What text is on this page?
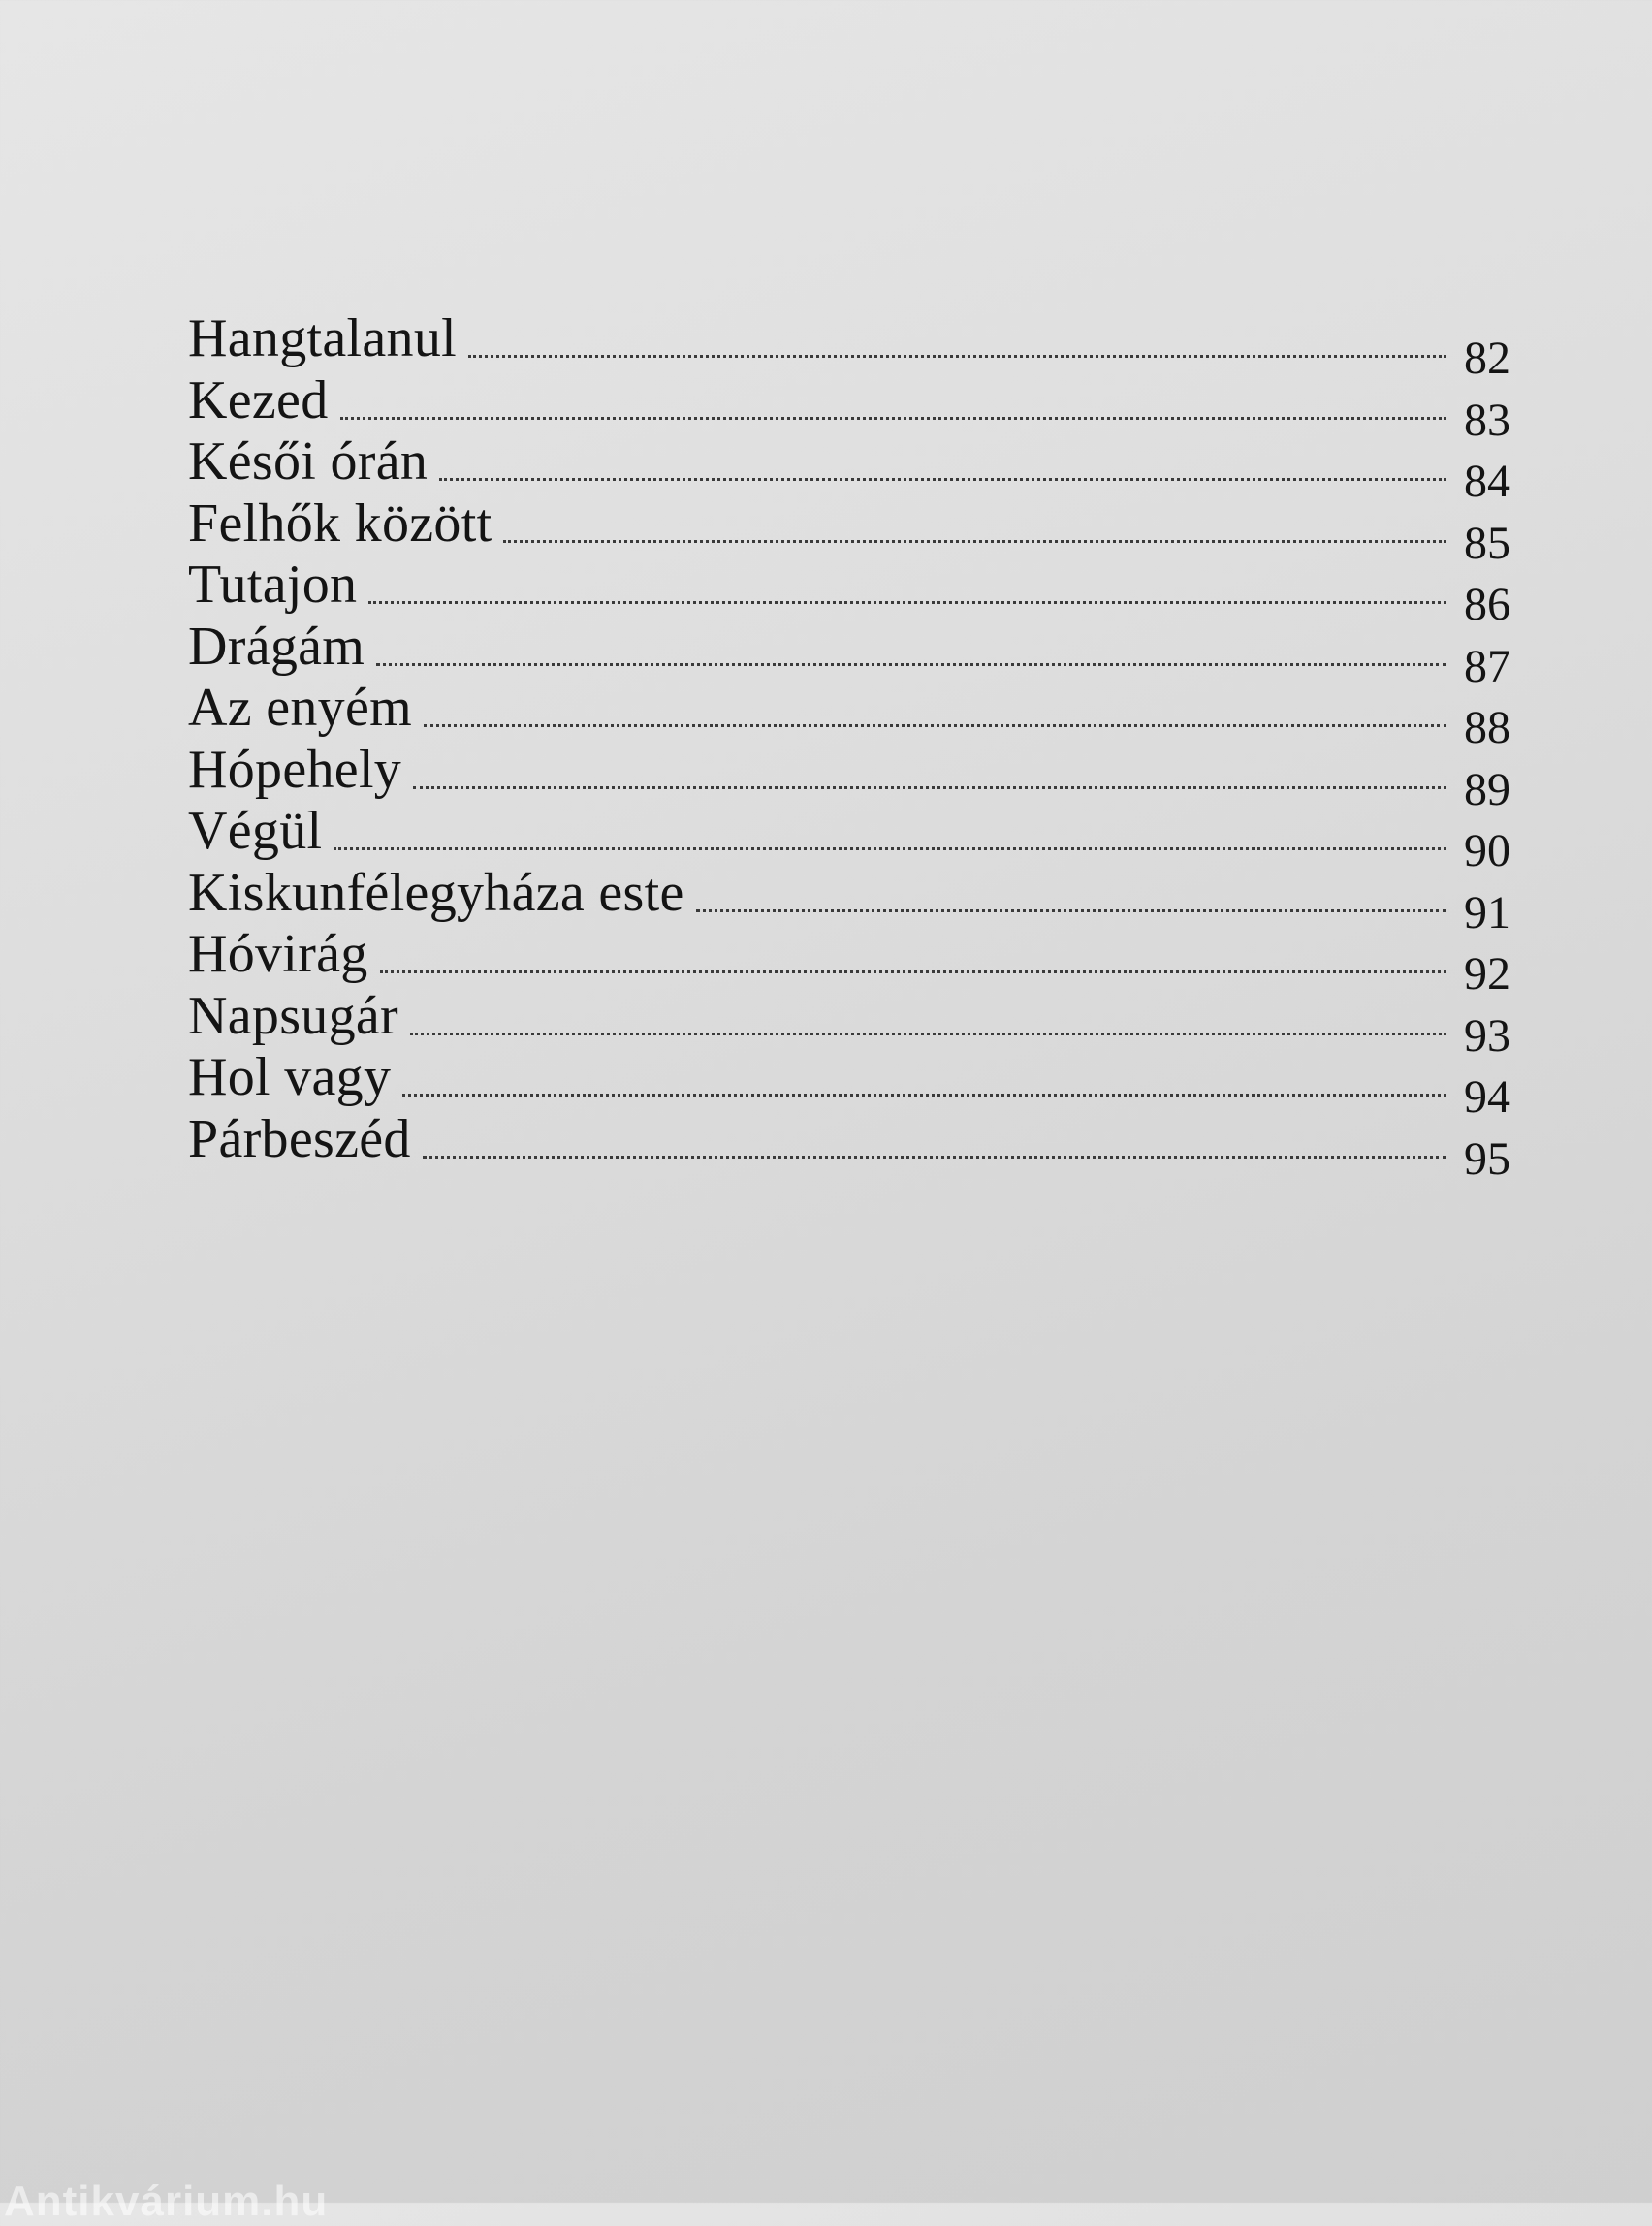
Hangtalanul	82
Kezed	83
Késői órán	84
Felhők között	85
Tutajon	86
Drágám	87
Az enyém	88
Hópehely	89
Végül	90
Kiskunfélegyháza este	91
Hóvirág	92
Napsugár	93
Hol vagy	94
Párbeszéd	95
Antikvárium.hu
